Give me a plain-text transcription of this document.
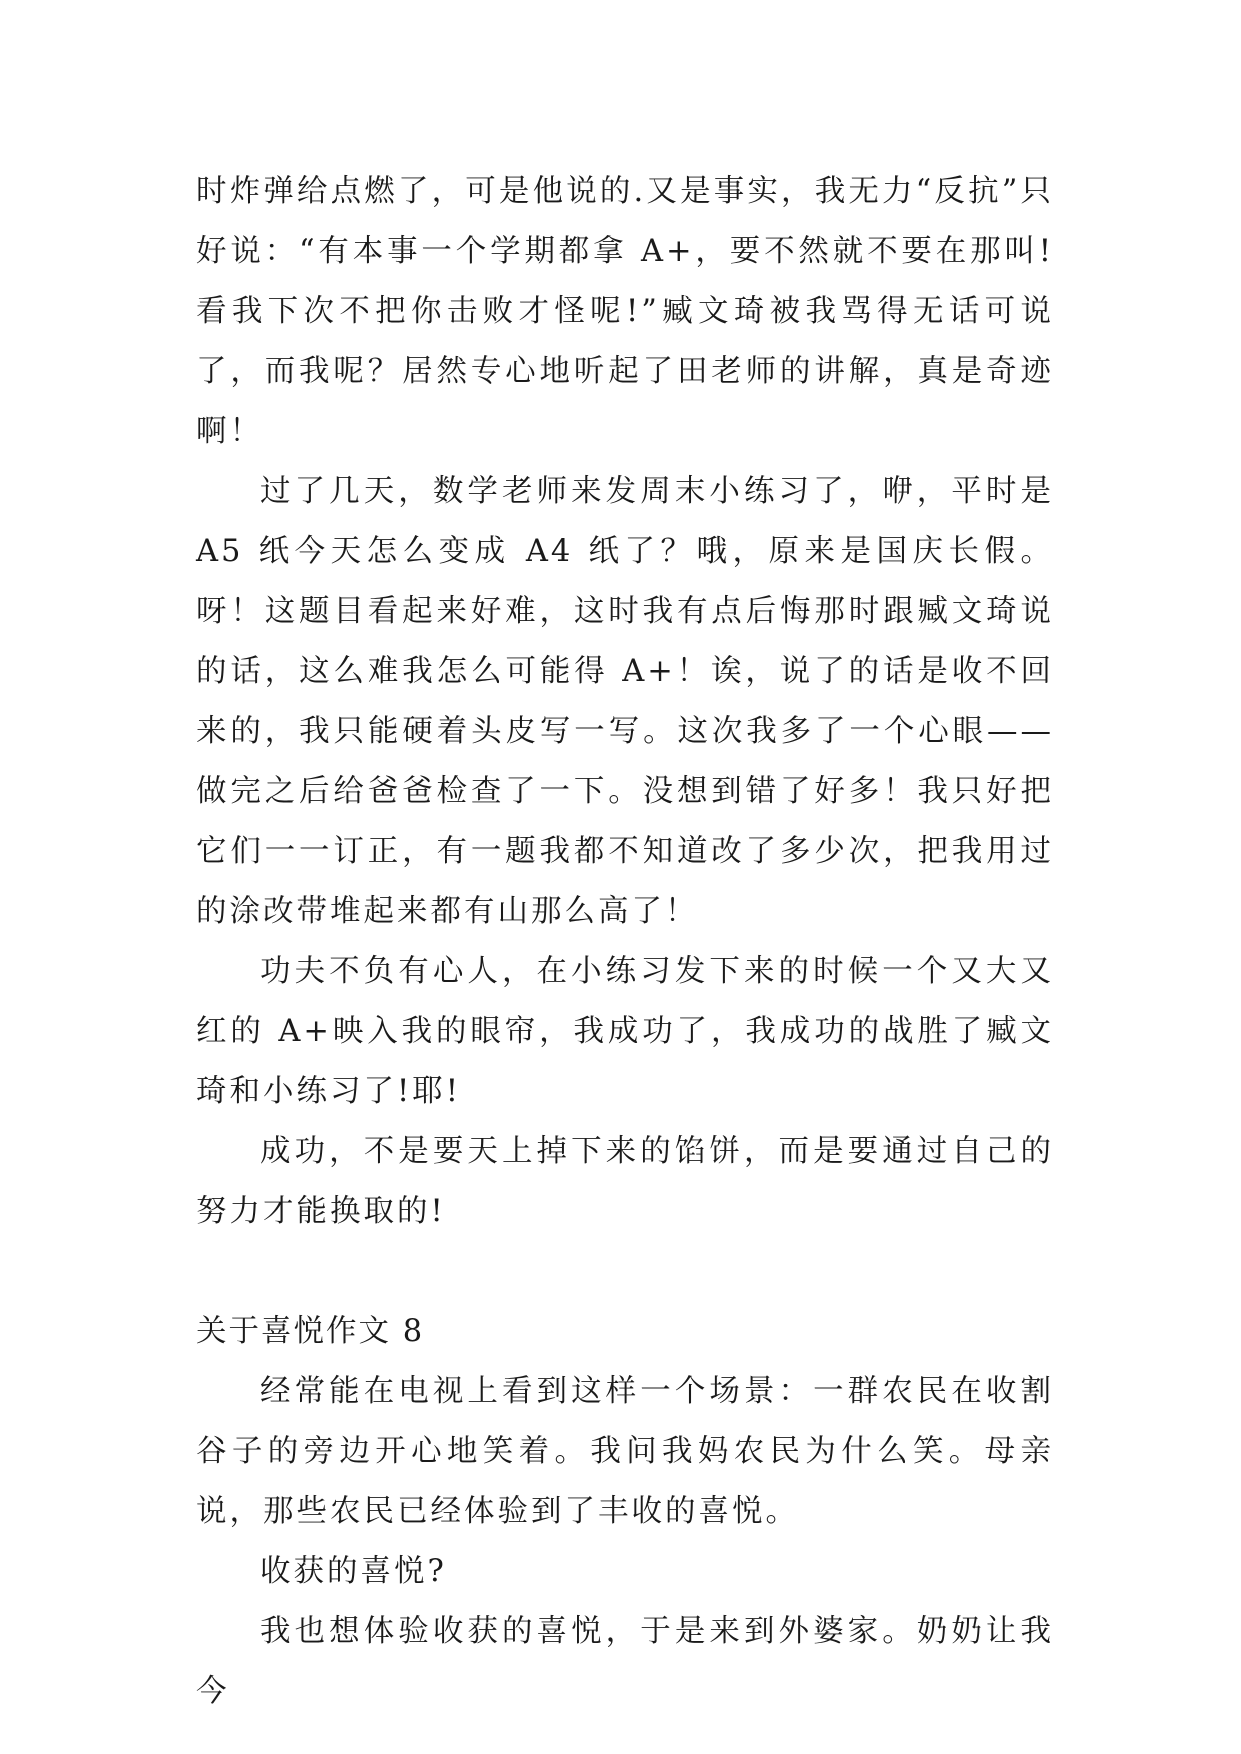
时炸弹给点燃了，可是他说的.又是事实，我无力“反抗”只好说：“有本事一个学期都拿 A+，要不然就不要在那叫!看我下次不把你击败才怪呢!”臧文琦被我骂得无话可说了，而我呢？居然专心地听起了田老师的讲解，真是奇迹啊！

过了几天，数学老师来发周末小练习了，咿，平时是 A5 纸今天怎么变成 A4 纸了？哦，原来是国庆长假。呀！这题目看起来好难，这时我有点后悔那时跟臧文琦说的话，这么难我怎么可能得 A+！诶，说了的话是收不回来的，我只能硬着头皮写一写。这次我多了一个心眼——做完之后给爸爸检查了一下。没想到错了好多！我只好把它们一一订正，有一题我都不知道改了多少次，把我用过的涂改带堆起来都有山那么高了！

功夫不负有心人，在小练习发下来的时候一个又大又红的 A+映入我的眼帘，我成功了，我成功的战胜了臧文琦和小练习了!耶!

成功，不是要天上掉下来的馅饼，而是要通过自己的努力才能换取的!

关于喜悦作文 8

经常能在电视上看到这样一个场景：一群农民在收割谷子的旁边开心地笑着。我问我妈农民为什么笑。母亲说，那些农民已经体验到了丰收的喜悦。

收获的喜悦?

我也想体验收获的喜悦，于是来到外婆家。奶奶让我今
